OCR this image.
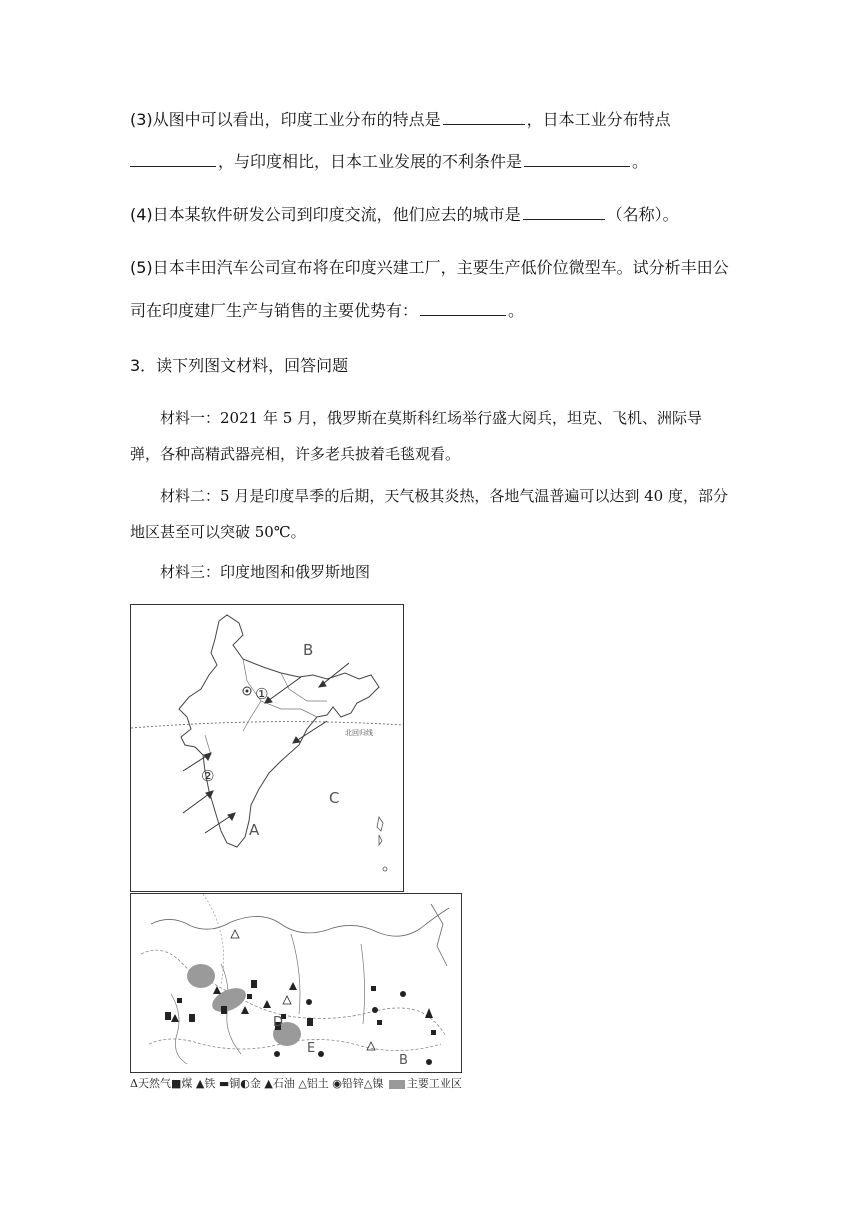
(3)从图中可以看出，印度工业分布的特点是	，日本工业分布特点
，与印度相比，日本工业发展的不利条件是	。
(4)日本某软件研发公司到印度交流，他们应去的城市是	（名称）。
(5)日本丰田汽车公司宣布将在印度兴建工厂，主要生产低价位微型车。试分析丰田公
司在印度建厂生产与销售的主要优势有：	。
3．读下列图文材料，回答问题
材料一：2021 年 5 月，俄罗斯在莫斯科红场举行盛大阅兵，坦克、飞机、洲际导弹，各种高精武器亮相，许多老兵披着毛毯观看。
材料二：5 月是印度旱季的后期，天气极其炎热，各地气温普遍可以达到 40 度，部分地区甚至可以突破 50℃。
材料三：印度地图和俄罗斯地图
北回归线
B
A
C
①
②
D
E
B
Δ天然气■煤 ▲铁 ▬铜◐金 ▲石油 △铝土 ◉铅锌△镍 主要工业区
